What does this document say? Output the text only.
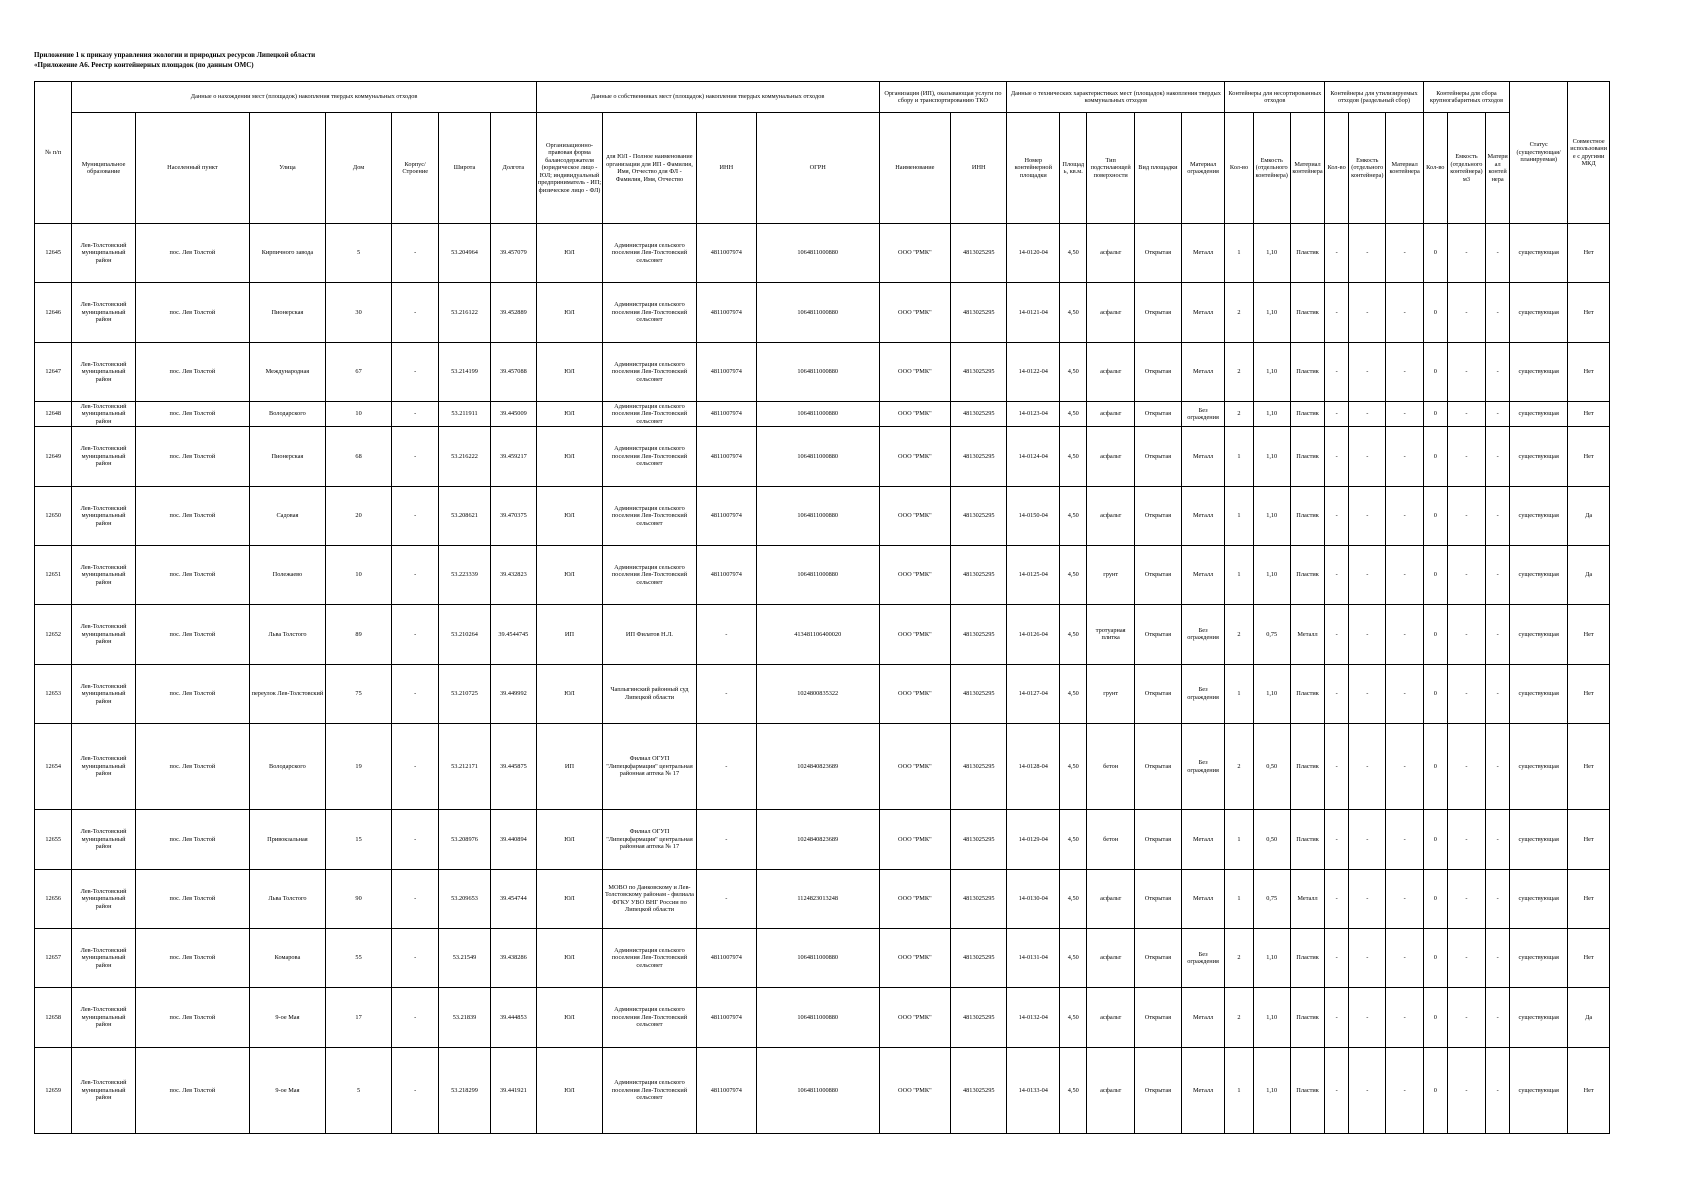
Приложение 1 к приказу управления экологии и природных ресурсов Липецкой области
«Приложение А6. Реестр контейнерных площадок (по данным ОМС)
№ п/п	Данные о нахождении мест (площадок) накопления твердых коммунальных отходов							Данные о собственниках мест (площадок) накопления твердых коммунальных отходов				Организация (ИП), оказывающая услуги по сбору и транспортированию ТКО		Данные о технических характеристиках мест (площадок) накопления твердых коммунальных отходов					Контейнеры для несортированных отходов			Контейнеры для утилизируемых отходов (раздельный сбор)			Контейнеры для сбора крупногабаритных отходов			Статус (существующая/планируемая)	Совместное использование с другими МКД
	Муниципальное образование	Населенный пункт	Улица	Дом	Корпус/Строение	Широта	Долгота	Организационно-правовая форма балансодержателя (юридическое лицо - ЮЛ; индивидуальный предприниматель - ИП; физическое лицо - ФЛ)	для ЮЛ - Полное наименование организации для ИП - Фамилия, Имя, Отчество для ФЛ - Фамилия, Имя, Отчество	ИНН	ОГРН	Наименование	ИНН	Номер контейнерной площадки	Площадь, кв.м.	Тип подстилающей поверхности	Вид площадки	Материал ограждения	Кол-во	Емкость (отдельного контейнера)	Материал контейнера	Кол-во	Емкость (отдельного контейнера)	Материал контейнера	Кол-во	Емкость (отдельного контейнера) м3	Материал контейнера		
12645	Лев-Толстовский муниципальный район	пос. Лев Толстой	Кирпичного завода	5	-	53.204964	39.457079	ЮЛ	Администрация сельского поселения Лев-Толстовский сельсовет	4811007974	1064811000880	ООО "РМК"	4813025295	14-0120-04	4,50	асфальт	Открытая	Металл	1	1,10	Пластик	-	-	-	0	-	-	существующая	Нет
12646	Лев-Толстовский муниципальный район	пос. Лев Толстой	Пионерская	30	-	53.216122	39.452889	ЮЛ	Администрация сельского поселения Лев-Толстовский сельсовет	4811007974	1064811000880	ООО "РМК"	4813025295	14-0121-04	4,50	асфальт	Открытая	Металл	2	1,10	Пластик	-	-	-	0	-	-	существующая	Нет
12647	Лев-Толстовский муниципальный район	пос. Лев Толстой	Международная	67	-	53.214199	39.457088	ЮЛ	Администрация сельского поселения Лев-Толстовский сельсовет	4811007974	1064811000880	ООО "РМК"	4813025295	14-0122-04	4,50	асфальт	Открытая	Металл	2	1,10	Пластик	-	-	-	0	-	-	существующая	Нет
12648	Лев-Толстовский муниципальный район	пос. Лев Толстой	Володарского	10	-	53.211911	39.445009	ЮЛ	Администрация сельского поселения Лев-Толстовский сельсовет	4811007974	1064811000880	ООО "РМК"	4813025295	14-0123-04	4,50	асфальт	Открытая	Без ограждения	2	1,10	Пластик	-	-	-	0	-	-	существующая	Нет
12649	Лев-Толстовский муниципальный район	пос. Лев Толстой	Пионерская	68	-	53.216222	39.459217	ЮЛ	Администрация сельского поселения Лев-Толстовский сельсовет	4811007974	1064811000880	ООО "РМК"	4813025295	14-0124-04	4,50	асфальт	Открытая	Металл	1	1,10	Пластик	-	-	-	0	-	-	существующая	Нет
12650	Лев-Толстовский муниципальный район	пос. Лев Толстой	Садовая	20	-	53.208621	39.470375	ЮЛ	Администрация сельского поселения Лев-Толстовский сельсовет	4811007974	1064811000880	ООО "РМК"	4813025295	14-0150-04	4,50	асфальт	Открытая	Металл	1	1,10	Пластик	-	-	-	0	-	-	существующая	Да
12651	Лев-Толстовский муниципальный район	пос. Лев Толстой	Полежаево	10	-	53.223339	39.432823	ЮЛ	Администрация сельского поселения Лев-Толстовский сельсовет	4811007974	1064811000880	ООО "РМК"	4813025295	14-0125-04	4,50	грунт	Открытая	Металл	1	1,10	Пластик	-	-	-	0	-	-	существующая	Да
12652	Лев-Толстовский муниципальный район	пос. Лев Толстой	Льва Толстого	89	-	53.210264	39.4544745	ИП	ИП Филатов Н.Л.	-	413481106400020	ООО "РМК"	4813025295	14-0126-04	4,50	тротуарная плитка	Открытая	Без ограждения	2	0,75	Металл	-	-	-	0	-	-	существующая	Нет
12653	Лев-Толстовский муниципальный район	пос. Лев Толстой	переулок Лев-Толстовский	75	-	53.210725	39.449992	ЮЛ	Чаплыгинский районный суд Липецкой области	-	1024800835322	ООО "РМК"	4813025295	14-0127-04	4,50	грунт	Открытая	Без ограждения	1	1,10	Пластик	-	-	-	0	-	-	существующая	Нет
12654	Лев-Толстовский муниципальный район	пос. Лев Толстой	Володарского	19	-	53.212171	39.445875	ИП	Филиал ОГУП "Липецкфармация" центральная районная аптека № 17	-	1024840823689	ООО "РМК"	4813025295	14-0128-04	4,50	бетон	Открытая	Без ограждения	2	0,50	Пластик	-	-	-	0	-	-	существующая	Нет
12655	Лев-Толстовский муниципальный район	пос. Лев Толстой	Привокзальная	15	-	53.208976	39.440894	ЮЛ	Филиал ОГУП "Липецкфармация" центральная районная аптека № 17	-	1024840823689	ООО "РМК"	4813025295	14-0129-04	4,50	бетон	Открытая	Металл	1	0,50	Пластик	-	-	-	0	-	-	существующая	Нет
12656	Лев-Толстовский муниципальный район	пос. Лев Толстой	Льва Толстого	90	-	53.209653	39.454744	ЮЛ	МОВО по Данковскому и Лев-Толстовскому районам - филиала ФГКУ УВО ВНГ России по Липецкой области	-	1124823013248	ООО "РМК"	4813025295	14-0130-04	4,50	асфальт	Открытая	Металл	1	0,75	Металл	-	-	-	0	-	-	существующая	Нет
12657	Лев-Толстовский муниципальный район	пос. Лев Толстой	Комарова	55	-	53.21549	39.438286	ЮЛ	Администрация сельского поселения Лев-Толстовский сельсовет	4811007974	1064811000880	ООО "РМК"	4813025295	14-0131-04	4,50	асфальт	Открытая	Без ограждения	2	1,10	Пластик	-	-	-	0	-	-	существующая	Нет
12658	Лев-Толстовский муниципальный район	пос. Лев Толстой	9-ое Мая	17	-	53.21839	39.444853	ЮЛ	Администрация сельского поселения Лев-Толстовский сельсовет	4811007974	1064811000880	ООО "РМК"	4813025295	14-0132-04	4,50	асфальт	Открытая	Металл	2	1,10	Пластик	-	-	-	0	-	-	существующая	Да
12659	Лев-Толстовский муниципальный район	пос. Лев Толстой	9-ое Мая	5	-	53.218299	39.441921	ЮЛ	Администрация сельского поселения Лев-Толстовский сельсовет	4811007974	1064811000880	ООО "РМК"	4813025295	14-0133-04	4,50	асфальт	Открытая	Металл	1	1,10	Пластик	-	-	-	0	-	-	существующая	Нет
